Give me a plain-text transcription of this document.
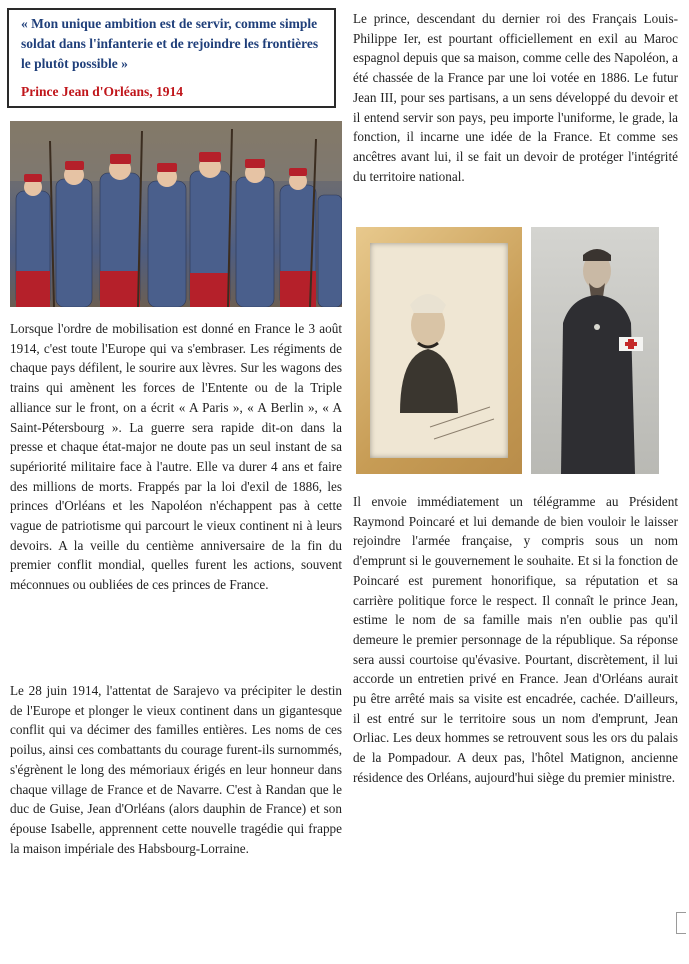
« Mon unique ambition est de servir, comme simple soldat dans l'infanterie et de rejoindre les frontières le plutôt possible »

Prince Jean d'Orléans, 1914

Le prince, descendant du dernier roi des Français Louis-Philippe Ier, est pourtant officiellement en exil au Maroc espagnol depuis que sa maison, comme celle des Napoléon, a été chassée de la France par une loi votée en 1886. Le futur Jean III, pour ses partisans, a un sens développé du devoir et il entend servir son pays, peu importe l'uniforme, le grade, la fonction, il incarne une idée de la France. Et comme ses ancêtres avant lui, il se fait un devoir de protéger l'intégrité du territoire national.

Lorsque l'ordre de mobilisation est donné en France le 3 août 1914, c'est toute l'Europe qui va s'embraser. Les régiments de chaque pays défilent, le sourire aux lèvres. Sur les wagons des trains qui amènent les forces de l'Entente ou de la Triple alliance sur le front, on a écrit « A Paris », « A Berlin », « A Saint-Pétersbourg ». La guerre sera rapide dit-on dans la presse et chaque état-major ne doute pas un seul instant de sa supériorité militaire face à l'autre. Elle va durer 4 ans et faire des millions de morts. Frappés par la loi d'exil de 1886, les princes d'Orléans et les Napoléon n'échappent pas à cette vague de patriotisme qui parcourt le vieux continent ni à leurs devoirs. A la veille du centième anniversaire de la fin du premier conflit mondial, quelles furent les actions, souvent méconnues ou oubliées de ces princes de France.

Le 28 juin 1914, l'attentat de Sarajevo va précipiter le destin de l'Europe et plonger le vieux continent dans un gigantesque conflit qui va décimer des familles entières. Les noms de ces poilus, ainsi ces combattants du courage furent-ils surnommés, s'égrènent le long des mémoriaux érigés en leur honneur dans chaque village de France et de Navarre. C'est à Randan que le duc de Guise, Jean d'Orléans (alors dauphin de France) et son épouse Isabelle, apprennent cette nouvelle tragédie qui frappe la maison impériale des Habsbourg-Lorraine.

Il envoie immédiatement un télégramme au Président Raymond Poincaré et lui demande de bien vouloir le laisser rejoindre l'armée française, y compris sous un nom d'emprunt si le gouvernement le souhaite. Et si la fonction de Poincaré est purement honorifique, sa réputation et sa carrière politique force le respect. Il connaît le prince Jean, estime le nom de sa famille mais n'en oublie pas qu'il demeure le premier personnage de la république. Sa réponse sera aussi courtoise qu'évasive. Pourtant, discrètement, il lui accorde un entretien privé en France. Jean d'Orléans aurait pu être arrêté mais sa visite est encadrée, cachée. D'ailleurs, il est entré sur le territoire sous un nom d'emprunt, Jean Orliac. Les deux hommes se retrouvent sous les ors du palais de la Pompadour. A deux pas, l'hôtel Matignon, ancienne résidence des Orléans, aujourd'hui siège du premier ministre.
